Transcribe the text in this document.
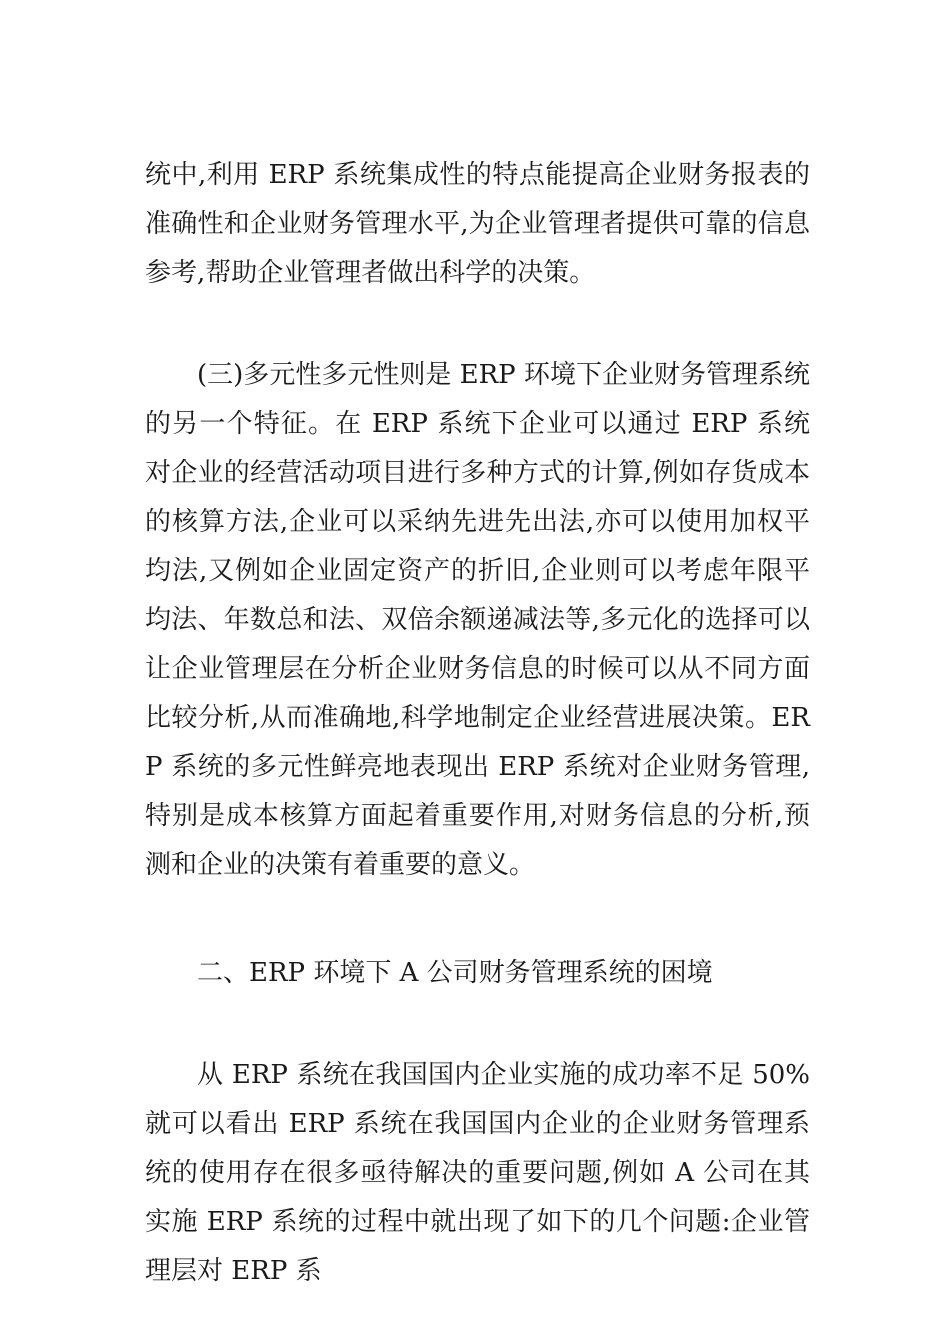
统中,利用 ERP 系统集成性的特点能提高企业财务报表的准确性和企业财务管理水平,为企业管理者提供可靠的信息参考,帮助企业管理者做出科学的决策。

(三)多元性多元性则是 ERP 环境下企业财务管理系统的另一个特征。在 ERP 系统下企业可以通过 ERP 系统对企业的经营活动项目进行多种方式的计算,例如存货成本的核算方法,企业可以采纳先进先出法,亦可以使用加权平均法,又例如企业固定资产的折旧,企业则可以考虑年限平均法、年数总和法、双倍余额递减法等,多元化的选择可以让企业管理层在分析企业财务信息的时候可以从不同方面比较分析,从而准确地,科学地制定企业经营进展决策。ERP 系统的多元性鲜亮地表现出 ERP 系统对企业财务管理,特别是成本核算方面起着重要作用,对财务信息的分析,预测和企业的决策有着重要的意义。

二、ERP 环境下 A 公司财务管理系统的困境

从 ERP 系统在我国国内企业实施的成功率不足 50%就可以看出 ERP 系统在我国国内企业的企业财务管理系统的使用存在很多亟待解决的重要问题,例如 A 公司在其实施 ERP 系统的过程中就出现了如下的几个问题:企业管理层对 ERP 系
